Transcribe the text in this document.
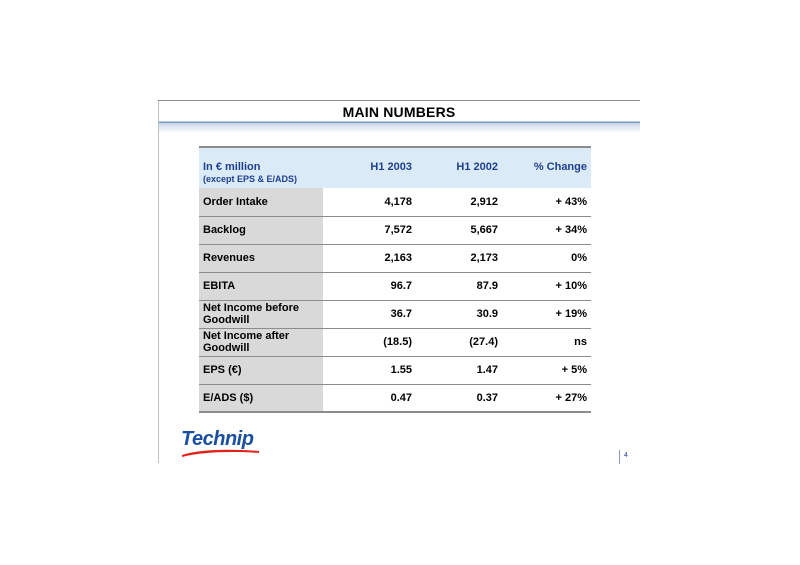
MAIN NUMBERS
In € million
(except EPS & E/ADS)	H1 2003	H1 2002	% Change
Order Intake	4,178	2,912	+ 43%
Backlog	7,572	5,667	+ 34%
Revenues	2,163	2,173	0%
EBITA	96.7	87.9	+ 10%
Net Income before Goodwill	36.7	30.9	+ 19%
Net Income after Goodwill	(18.5)	(27.4)	ns
EPS (€)	1.55	1.47	+ 5%
E/ADS ($)	0.47	0.37	+ 27%
Technip
4
